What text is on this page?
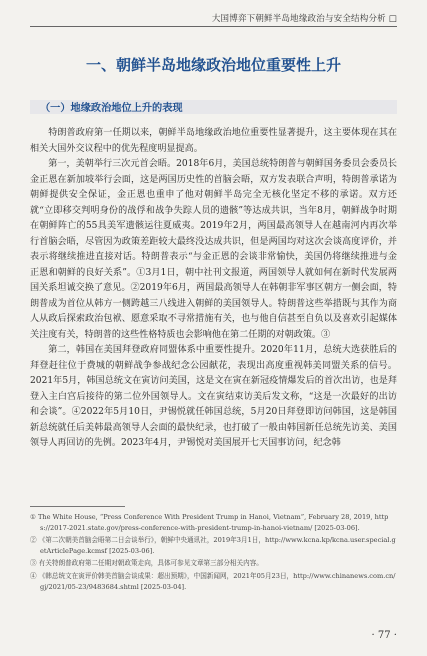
大国博弈下朝鲜半岛地缘政治与安全结构分析 □
一、朝鲜半岛地缘政治地位重要性上升
（一）地缘政治地位上升的表现

特朗普政府第一任期以来，朝鲜半岛地缘政治地位重要性显著提升，这主要体现在其在相关大国外交议程中的优先程度明显提高。

第一，美朝举行三次元首会晤。2018年6月，美国总统特朗普与朝鲜国务委员会委员长金正恩在新加坡举行会面，这是两国历史性的首脑会晤，双方发表联合声明，特朗普承诺为朝鲜提供安全保证，金正恩也重申了他对朝鲜半岛完全无核化坚定不移的承诺。双方还就“立即移交判明身份的战俘和战争失踪人员的遗骸”等达成共识，当年8月，朝鲜战争时期在朝鲜阵亡的55具美军遗骸运往夏威夷。2019年2月，两国最高领导人在越南河内再次举行首脑会晤，尽管因为政策差距较大最终没达成共识，但是两国均对这次会谈高度评价，并表示将继续推进直接对话。特朗普表示“与金正恩的会谈非常愉快，美国仍将继续推进与金正恩和朝鲜的良好关系”。①3月1日，朝中社刊文报道，两国领导人就如何在新时代发展两国关系坦诚交换了意见。②2019年6月，两国最高领导人在韩朝非军事区朝方一侧会面，特朗普成为首位从韩方一侧跨越三八线进入朝鲜的美国领导人。特朗普这些举措既与其作为商人从政后探索政治包袱、愿意采取不寻常措施有关，也与他自信甚至自负以及喜欢引起媒体关注度有关，特朗普的这些性格特质也会影响他在第二任期的对朝政策。③

第二，韩国在美国拜登政府同盟体系中重要性提升。2020年11月，总统大选获胜后的拜登赶往位于费城的朝鲜战争参战纪念公园献花，表现出高度重视韩美同盟关系的信号。2021年5月，韩国总统文在寅访问美国，这是文在寅在新冠疫情爆发后的首次出访，也是拜登入主白宫后接待的第二位外国领导人。文在寅结束访美后发文称，“这是一次最好的出访和会谈”。④2022年5月10日，尹锡悦就任韩国总统，5月20日拜登即访问韩国，这是韩国新总统就任后美韩最高领导人会面的最快纪录，也打破了一般由韩国新任总统先访美、美国领导人再回访的先例。2023年4月，尹锡悦对美国展开七天国事访问，纪念韩

① The White House, “Press Conference With President Trump in Hanoi, Vietnam”, February 28, 2019, https://2017-2021.state.gov/press-conference-with-president-trump-in-hanoi-vietnam/ [2025-03-06].

② 《第二次朝美首脑会晤第二日会谈举行》，朝鲜中央通讯社，2019年3月1日，http://www.kcna.kp/kcna.user.special.getArticlePage.kcmsf [2025-03-06].

③ 有关特朗普政府第二任期对朝政策走向，具体可参见文章第三部分相关内容。

④ 《韩总统文在寅评价韩美首脑会谈成果：超出预期》，中国新闻网，2021年05月23日，http://www.chinanews.com.cn/gj/2021/05-23/9483684.shtml [2025-03-04].

· 77 ·
